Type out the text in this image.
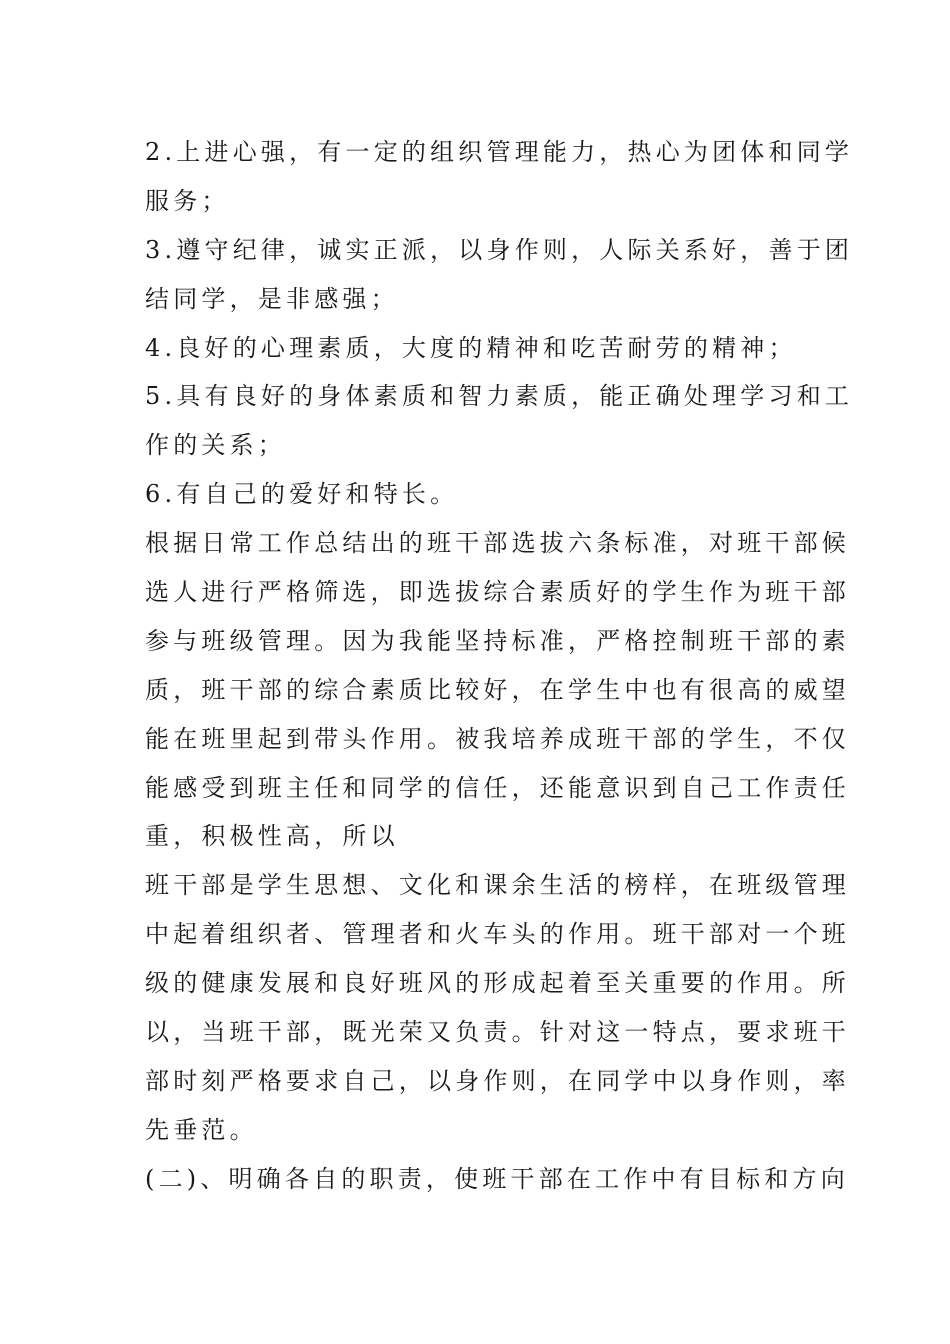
2.上进心强，有一定的组织管理能力，热心为团体和同学
服务；
3.遵守纪律，诚实正派，以身作则，人际关系好，善于团
结同学，是非感强；
4.良好的心理素质，大度的精神和吃苦耐劳的精神；
5.具有良好的身体素质和智力素质，能正确处理学习和工
作的关系；
6.有自己的爱好和特长。
根据日常工作总结出的班干部选拔六条标准，对班干部候
选人进行严格筛选，即选拔综合素质好的学生作为班干部
参与班级管理。因为我能坚持标准，严格控制班干部的素
质，班干部的综合素质比较好，在学生中也有很高的威望
能在班里起到带头作用。被我培养成班干部的学生，不仅
能感受到班主任和同学的信任，还能意识到自己工作责任
重，积极性高，所以
班干部是学生思想、文化和课余生活的榜样，在班级管理
中起着组织者、管理者和火车头的作用。班干部对一个班
级的健康发展和良好班风的形成起着至关重要的作用。所
以，当班干部，既光荣又负责。针对这一特点，要求班干
部时刻严格要求自己，以身作则，在同学中以身作则，率
先垂范。
(二)、明确各自的职责，使班干部在工作中有目标和方向
